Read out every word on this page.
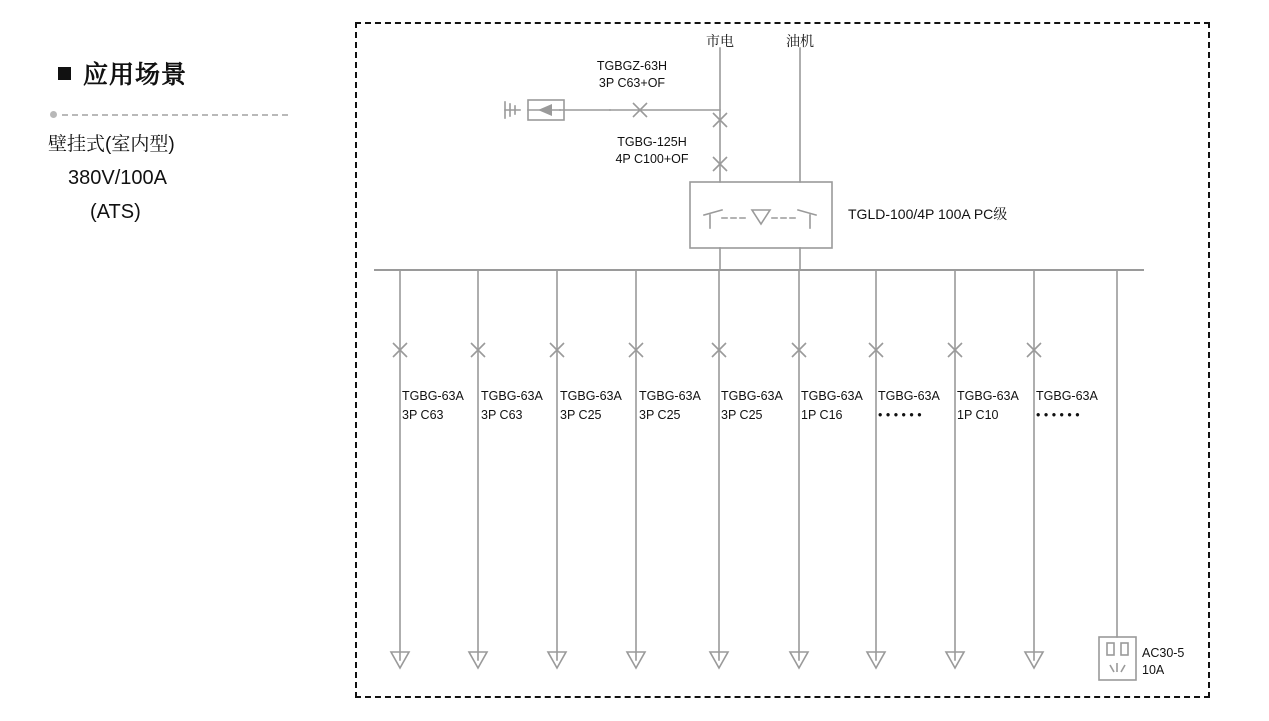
应用场景
壁挂式(室内型)
380V/100A
(ATS)
市电	油机
TGBGZ-63H
3P C63+OF
TGBG-125H
4P C100+OF
TGLD-100/4P 100A PC级
TGBG-63A
3P C63
TGBG-63A
3P C63
TGBG-63A
3P C25
TGBG-63A
3P C25
TGBG-63A
3P C25
TGBG-63A
1P C16
TGBG-63A
• • • • • •
TGBG-63A
1P C10
TGBG-63A
• • • • • •
AC30-5
10A
